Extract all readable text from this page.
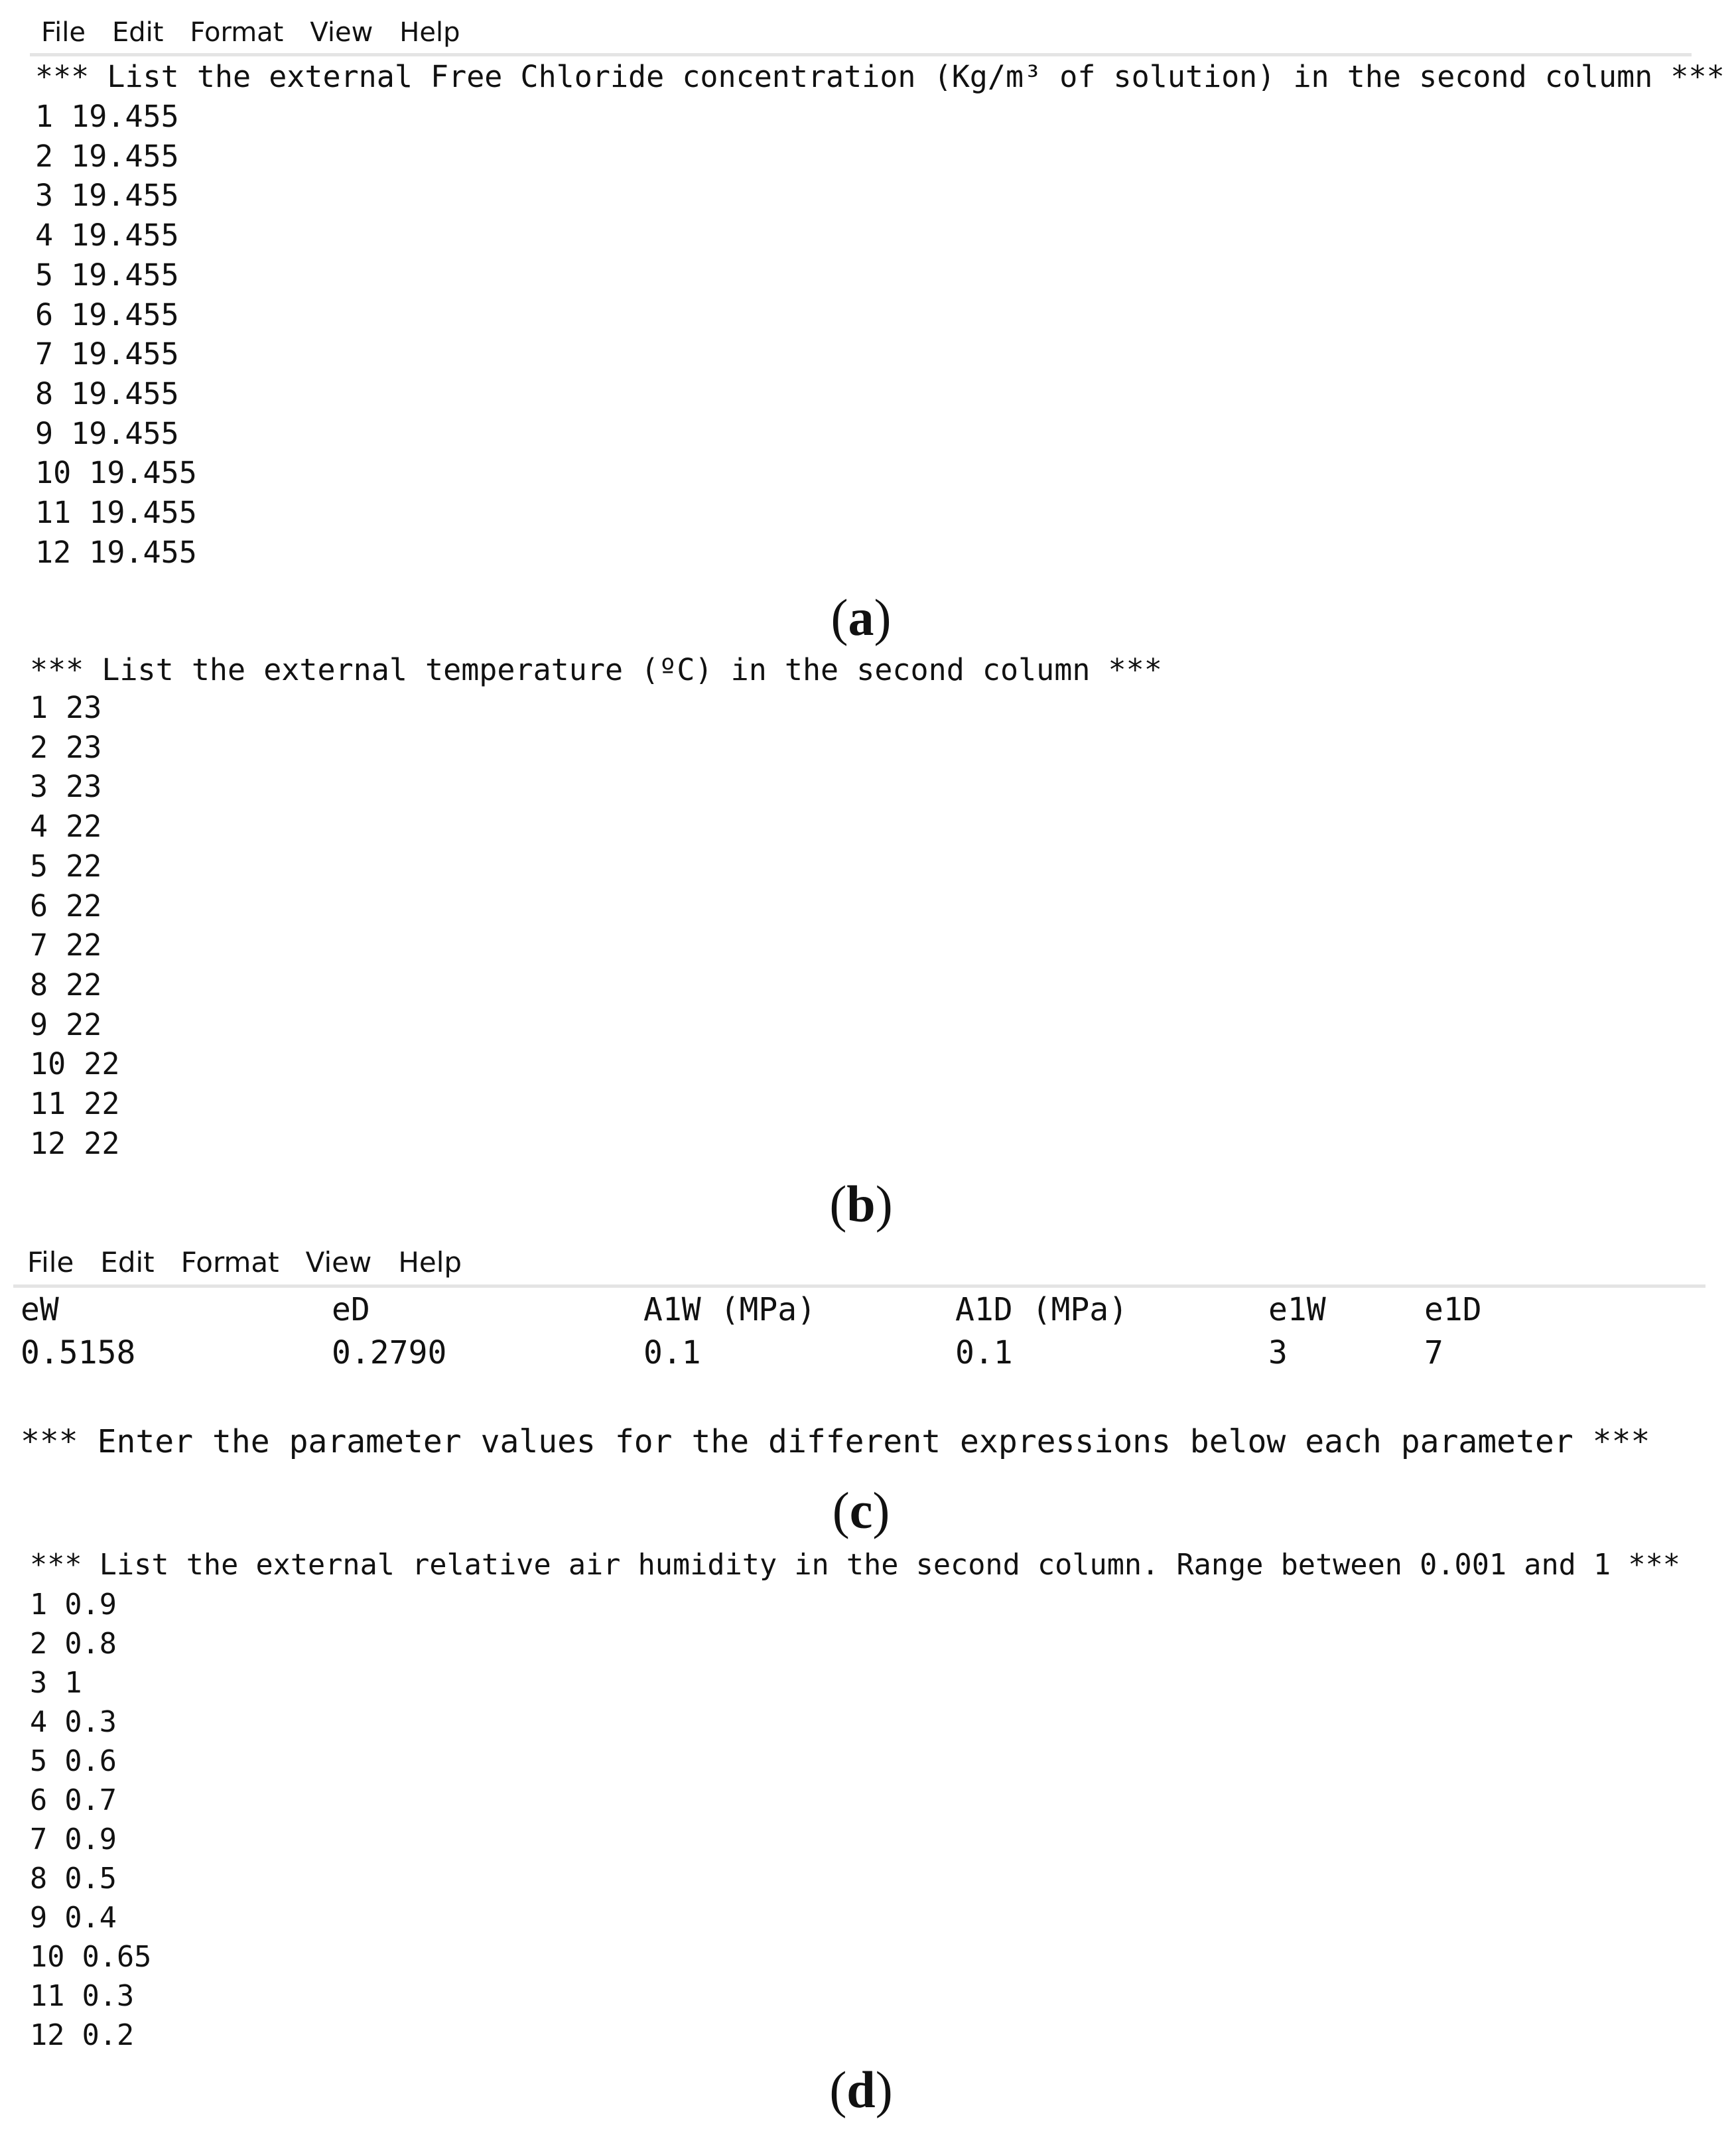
File Edit Format View Help
*** List the external Free Chloride concentration (Kg/m³ of solution) in the second column ***
1 19.455
2 19.455
3 19.455
4 19.455
5 19.455
6 19.455
7 19.455
8 19.455
9 19.455
10 19.455
11 19.455
12 19.455
(a)
*** List the external temperature (ºC) in the second column ***
1 23
2 23
3 23
4 22
5 22
6 22
7 22
8 22
9 22
10 22
11 22
12 22
(b)
File Edit Format View Help
eW
0.5158
eD
0.2790
A1W (MPa)
0.1
A1D (MPa)
0.1
e1W
3
e1D
7
*** Enter the parameter values for the different expressions below each parameter ***
(c)
*** List the external relative air humidity in the second column. Range between 0.001 and 1 ***
1 0.9
2 0.8
3 1
4 0.3
5 0.6
6 0.7
7 0.9
8 0.5
9 0.4
10 0.65
11 0.3
12 0.2
(d)
